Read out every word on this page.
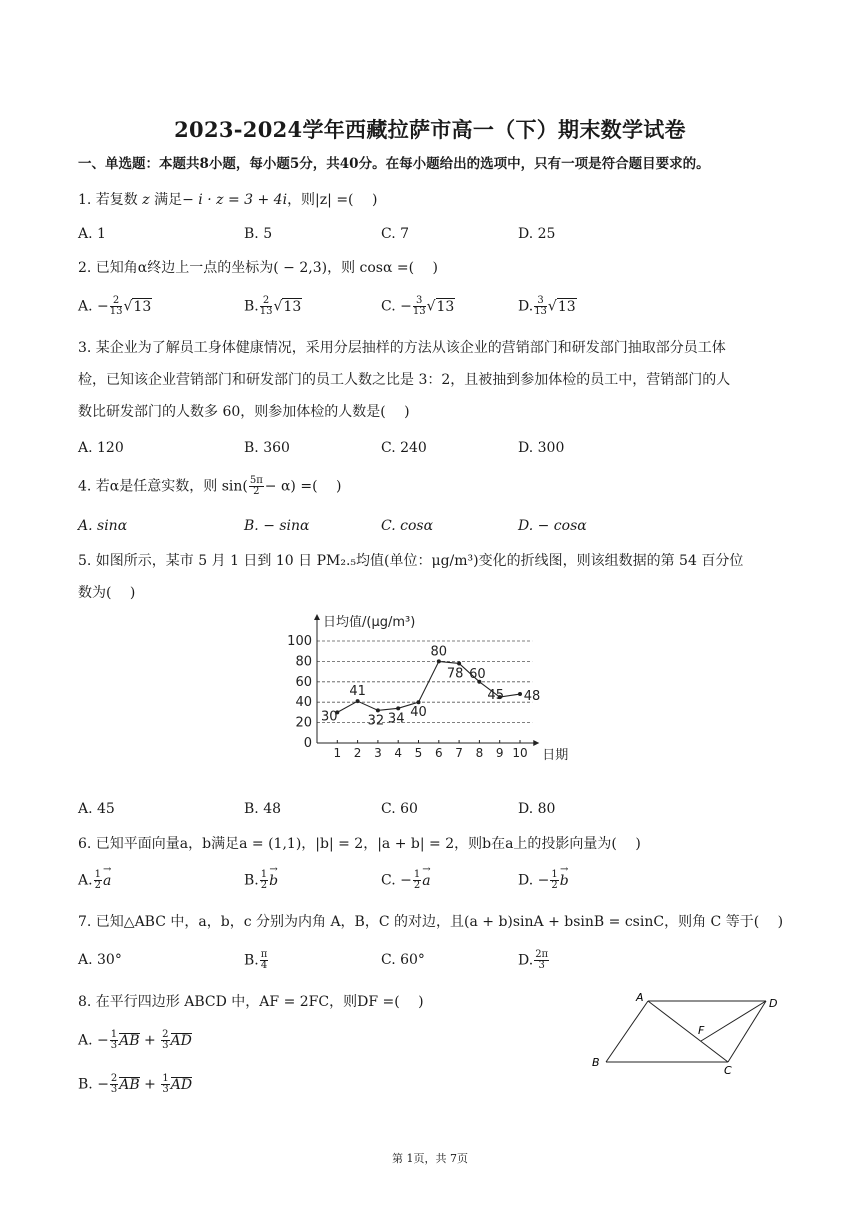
2023-2024学年西藏拉萨市高一（下）期末数学试卷
一、单选题：本题共8小题，每小题5分，共40分。在每小题给出的选项中，只有一项是符合题目要求的。
1. 若复数 z 满足− i · z = 3 + 4i，则|z| =(　 )
A. 1	B. 5	C. 7	D. 25
2. 已知角α终边上一点的坐标为( − 2,3)，则 cosα =(　 )
A. − $\frac{2}{13} √13$	B. $\frac{2}{13} √13$	C. − $\frac{3}{13} √13$	D. $\frac{3}{13} √13$
3. 某企业为了解员工身体健康情况，采用分层抽样的方法从该企业的营销部门和研发部门抽取部分员工体
检，已知该企业营销部门和研发部门的员工人数之比是 3：2，且被抽到参加体检的员工中，营销部门的人
数比研发部门的人数多 60，则参加体检的人数是(　 )
A. 120	B. 360	C. 240	D. 300
4. 若α是任意实数，则 $\sin( \frac{5\pi}{2} - \alpha)$ =(　 )
A. sinα	B. − sinα	C. cosα	D. − cosα
5. 如图所示，某市 5 月 1 日到 10 日 PM₂.₅均值(单位：μg/m³)变化的折线图，则该组数据的第 54 百分位
数为(　 )
0
20
40
60
80
100
日均值/(μg/m³)
日期
1 2 3 4 5 6 7 8 9 10
30
41
32 34 40
80
78 60
45 48
A. 45	B. 48	C. 60	D. 80
6. 已知平面向量a，b满足a = (1,1)，|b| = 2，|a + b| = 2，则b在a上的投影向量为(　 )
A. $\frac{1}{2}$
→ a	B. $\frac{1}{2}$
→ b	C. − $\frac{1}{2}$
→ a	D. − $\frac{1}{2}$
→ b
7. 已知△ABC 中，a，b，c 分别为内角 A，B，C 的对边，且(a + b)sinA + bsinB = csinC，则角 C 等于(　 )
A. 30°	B. $\frac{\pi}{4}$	C. 60°	D. $\frac{2\pi}{3}$
8. 在平行四边形 ABCD 中，AF = 2FC，则DF =(　 )
A. − $\frac{1}{3}$ AB + $\frac{2}{3}$ AD
B. − $\frac{2}{3}$ AB + $\frac{1}{3}$ AD
A
B
C
D
F
第 1页，共 7页
